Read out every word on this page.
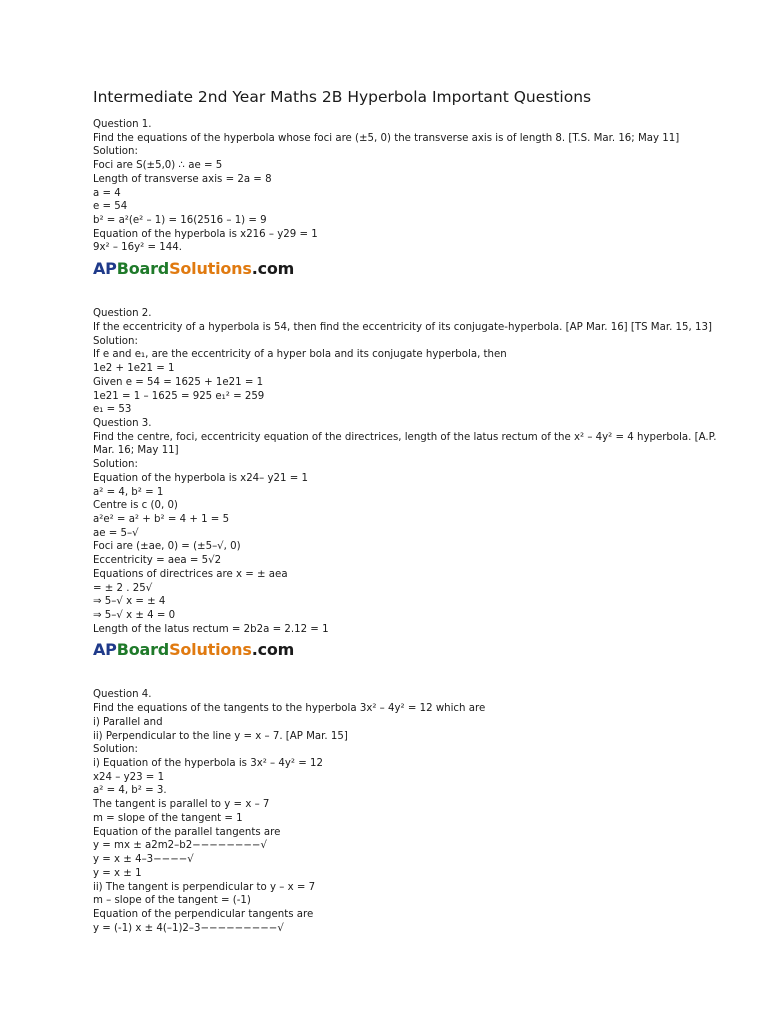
Intermediate 2nd Year Maths 2B Hyperbola Important Questions
Question 1.
Find the equations of the hyperbola whose foci are (±5, 0) the transverse axis is of length 8. [T.S. Mar. 16; May 11]
Solution:
Foci are S(±5,0) ∴ ae = 5
Length of transverse axis = 2a = 8
a = 4
e = 54
b² = a²(e² – 1) = 16(2516 – 1) = 9
Equation of the hyperbola is x216 – y29 = 1
9x² – 16y² = 144.
APBoardSolutions.com
Question 2.
If the eccentricity of a hyperbola is 54, then find the eccentricity of its conjugate-hyperbola. [AP Mar. 16] [TS Mar. 15, 13]
Solution:
If e and e₁, are the eccentricity of a hyper bola and its conjugate hyperbola, then
1e2 + 1e21 = 1
Given e = 54 = 1625 + 1e21 = 1
1e21 = 1 – 1625 = 925 e₁² = 259
e₁ = 53
Question 3.
Find the centre, foci, eccentricity equation of the directrices, length of the latus rectum of the x² – 4y² = 4 hyperbola. [A.P.
Mar. 16; May 11]
Solution:
Equation of the hyperbola is x24– y21 = 1
a² = 4, b² = 1
Centre is c (0, 0)
a²e² = a² + b² = 4 + 1 = 5
ae = 5–√
Foci are (±ae, 0) = (±5–√, 0)
Eccentricity = aea = 5√2
Equations of directrices are x = ± aea
= ± 2 . 25√
⇒ 5–√ x = ± 4
⇒ 5–√ x ± 4 = 0
Length of the latus rectum = 2b2a = 2.12 = 1
APBoardSolutions.com
Question 4.
Find the equations of the tangents to the hyperbola 3x² – 4y² = 12 which are
i) Parallel and
ii) Perpendicular to the line y = x – 7. [AP Mar. 15]
Solution:
i) Equation of the hyperbola is 3x² – 4y² = 12
x24 – y23 = 1
a² = 4, b² = 3.
The tangent is parallel to y = x – 7
m = slope of the tangent = 1
Equation of the parallel tangents are
y = mx ± a2m2–b2−−−−−−−−√
y = x ± 4–3−−−−√
y = x ± 1
ii) The tangent is perpendicular to y – x = 7
m – slope of the tangent = (-1)
Equation of the perpendicular tangents are
y = (-1) x ± 4(–1)2–3−−−−−−−−−√
